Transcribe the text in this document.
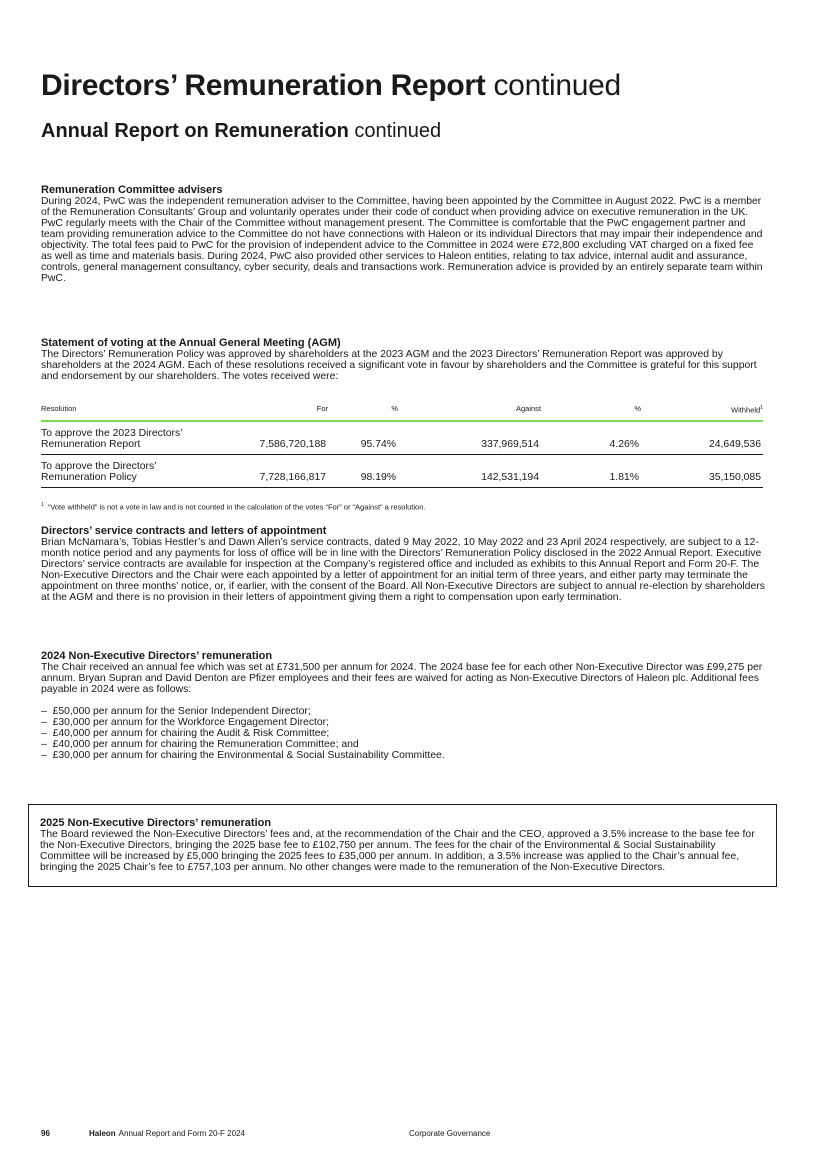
Directors’ Remuneration Report continued
Annual Report on Remuneration continued
Remuneration Committee advisers

During 2024, PwC was the independent remuneration adviser to the Committee, having been appointed by the Committee in August 2022. PwC is a member of the Remuneration Consultants’ Group and voluntarily operates under their code of conduct when providing advice on executive remuneration in the UK. PwC regularly meets with the Chair of the Committee without management present. The Committee is comfortable that the PwC engagement partner and team providing remuneration advice to the Committee do not have connections with Haleon or its individual Directors that may impair their independence and objectivity. The total fees paid to PwC for the provision of independent advice to the Committee in 2024 were £72,800 excluding VAT charged on a fixed fee as well as time and materials basis. During 2024, PwC also provided other services to Haleon entities, relating to tax advice, internal audit and assurance, controls, general management consultancy, cyber security, deals and transactions work. Remuneration advice is provided by an entirely separate team within PwC.

Statement of voting at the Annual General Meeting (AGM)

The Directors’ Remuneration Policy was approved by shareholders at the 2023 AGM and the 2023 Directors’ Remuneration Report was approved by shareholders at the 2024 AGM. Each of these resolutions received a significant vote in favour by shareholders and the Committee is grateful for this support and endorsement by our shareholders. The votes received were:

Resolution	For	%	Against	%	Withheld$^1$
To approve the 2023 Directors’
Remuneration Report	7,586,720,188	95.74%	337,969,514	4.26%	24,649,536
To approve the Directors’
Remuneration Policy	7,728,166,817	98.19%	142,531,194	1.81%	35,150,085
$^1$ “Vote withheld” is not a vote in law and is not counted in the calculation of the votes “For” or “Against” a resolution.
Directors’ service contracts and letters of appointment

Brian McNamara’s, Tobias Hestler’s and Dawn Allen’s service contracts, dated 9 May 2022, 10 May 2022 and 23 April 2024 respectively, are subject to a 12-month notice period and any payments for loss of office will be in line with the Directors’ Remuneration Policy disclosed in the 2022 Annual Report. Executive Directors’ service contracts are available for inspection at the Company’s registered office and included as exhibits to this Annual Report and Form 20-F. The Non-Executive Directors and the Chair were each appointed by a letter of appointment for an initial term of three years, and either party may terminate the appointment on three months’ notice, or, if earlier, with the consent of the Board. All Non-Executive Directors are subject to annual re-election by shareholders at the AGM and there is no provision in their letters of appointment giving them a right to compensation upon early termination.

2024 Non-Executive Directors’ remuneration

The Chair received an annual fee which was set at £731,500 per annum for 2024. The 2024 base fee for each other Non-Executive Director was £99,275 per annum. Bryan Supran and David Denton are Pfizer employees and their fees are waived for acting as Non-Executive Directors of Haleon plc. Additional fees payable in 2024 were as follows:

–  £50,000 per annum for the Senior Independent Director;
–  £30,000 per annum for the Workforce Engagement Director;
–  £40,000 per annum for chairing the Audit & Risk Committee;
–  £40,000 per annum for chairing the Remuneration Committee; and
–  £30,000 per annum for chairing the Environmental & Social Sustainability Committee.
2025 Non-Executive Directors’ remuneration

The Board reviewed the Non-Executive Directors’ fees and, at the recommendation of the Chair and the CEO, approved a 3.5% increase to the base fee for the Non-Executive Directors, bringing the 2025 base fee to £102,750 per annum. The fees for the chair of the Environmental & Social Sustainability Committee will be increased by £5,000 bringing the 2025 fees to £35,000 per annum. In addition, a 3.5% increase was applied to the Chair’s annual fee, bringing the 2025 Chair’s fee to £757,103 per annum. No other changes were made to the remuneration of the Non-Executive Directors.

96	Haleon Annual Report and Form 20-F 2024	Corporate Governance
